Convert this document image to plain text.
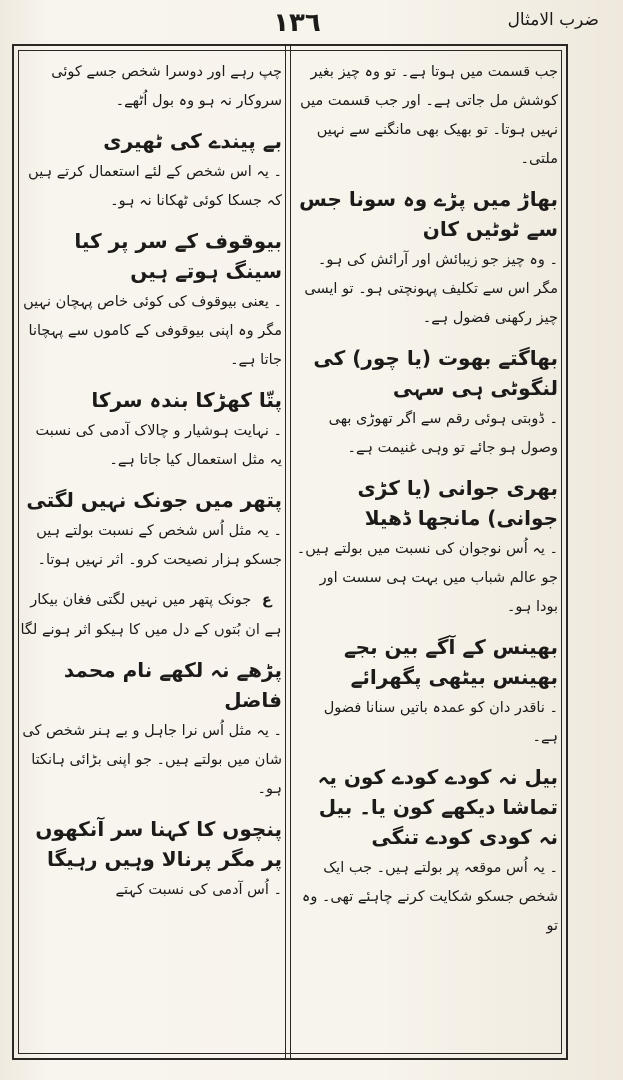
١٣٦	ضرب الامثال
جب قسمت میں ہوتا ہے۔ تو وہ چیز بغیر کوشش مل جاتی ہے۔ اور جب قسمت میں نہیں ہوتا۔ تو بھیک بھی مانگنے سے نہیں ملتی۔
بھاڑ میں پڑے وہ سونا جس سے ٹوٹیں کان
۔ وہ چیز جو زیبائش اور آرائش کی ہو۔ مگر اس سے تکلیف پہونچتی ہو۔ تو ایسی چیز رکھنی فضول ہے۔
بھاگتے بھوت (یا چور) کی لنگوٹی ہی سہی
۔ ڈوبتی ہوئی رقم سے اگر تھوڑی بھی وصول ہو جائے تو وہی غنیمت ہے۔
بھری جوانی (یا کڑی جوانی) مانجھا ڈھیلا
۔ یہ اُس نوجوان کی نسبت میں بولتے ہیں۔ جو عالم شباب میں بہت ہی سست اور بودا ہو۔
بھینس کے آگے بین بجے بھینس بیٹھی پگھرائے
۔ ناقدر دان کو عمدہ باتیں سنانا فضول ہے۔
بیل نہ کودے کودے کون یہ تماشا دیکھے کون یا۔ بیل نہ کودی کودے تنگی
۔ یہ اُس موقعہ پر بولتے ہیں۔ جب ایک شخص جسکو شکایت کرنے چاہئے تھی۔ وہ تو
چپ رہے اور دوسرا شخص جسے کوئی سروکار نہ ہو وہ بول اُٹھے۔
بے پیندے کی ٹھیری
۔ یہ اس شخص کے لئے استعمال کرتے ہیں کہ جسکا کوئی ٹھکانا نہ ہو۔
بیوقوف کے سر پر کیا سینگ ہوتے ہیں
۔ یعنی بیوقوف کی کوئی خاص پہچان نہیں مگر وہ اپنی بیوقوفی کے کاموں سے پہچانا جاتا ہے۔
پتّا کھڑکا بندہ سرکا
۔ نہایت ہوشیار و چالاک آدمی کی نسبت یہ مثل استعمال کیا جاتا ہے۔
پتھر میں جونک نہیں لگتی
۔ یہ مثل اُس شخص کے نسبت بولتے ہیں جسکو ہزار نصیحت کرو۔ اثر نہیں ہوتا۔
ع جونک پتھر میں نہیں لگتی فغان بیکار ہے ان بُتوں کے دل میں کا ہیکو اثر ہونے لگا
پڑھے نہ لکھے نام محمد فاضل
۔ یہ مثل اُس نرا جاہل و بے ہنر شخص کی شان میں بولتے ہیں۔ جو اپنی بڑائی ہانکتا ہو۔
پنچوں کا کہنا سر آنکھوں پر مگر پرنالا وہیں رہیگا
۔ اُس آدمی کی نسبت کہتے
